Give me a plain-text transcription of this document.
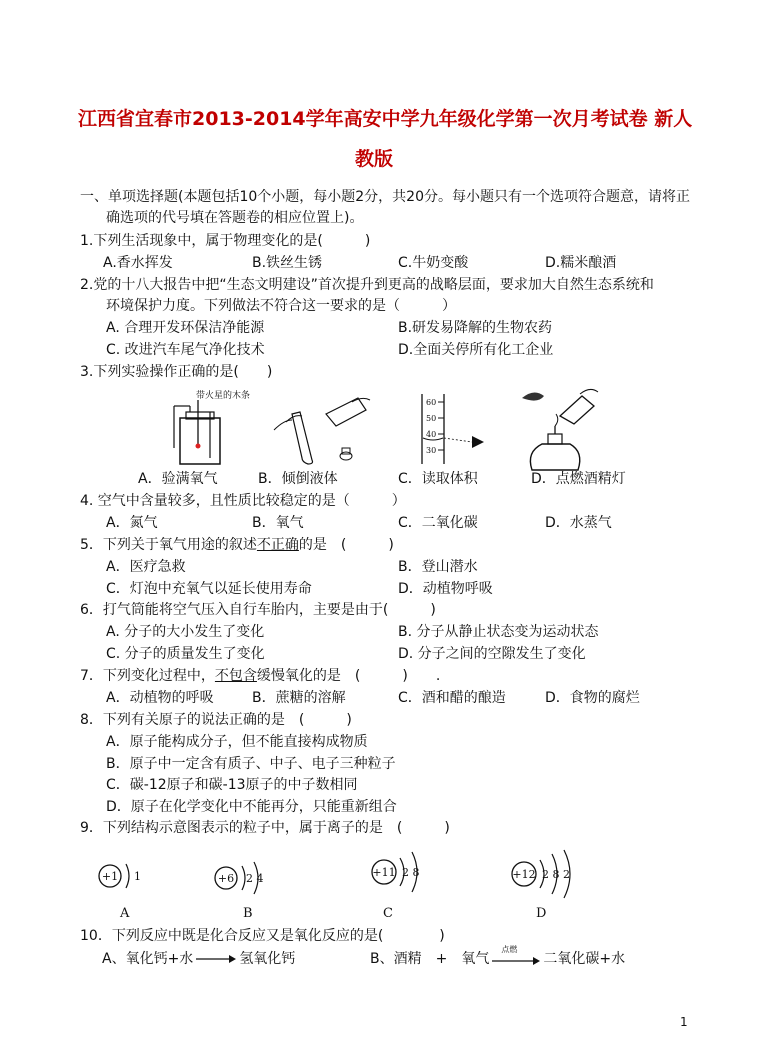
江西省宜春市2013-2014学年高安中学九年级化学第一次月考试卷 新人
教版
一、单项选择题(本题包括10个小题，每小题2分，共20分。每小题只有一个选项符合题意，请将正
确选项的代号填在答题卷的相应位置上)。
1.下列生活现象中，属于物理变化的是(　　　)
A.香水挥发	B.铁丝生锈	C.牛奶变酸	D.糯米酿酒
2.党的十八大报告中把“生态文明建设”首次提升到更高的战略层面，要求加大自然生态系统和
环境保护力度。下列做法不符合这一要求的是（　　　）
A. 合理开发环保洁净能源	B.研发易降解的生物农药
C. 改进汽车尾气净化技术	D.全面关停所有化工企业
3.下列实验操作正确的是(　　)
带火星的木条
60
50
40
30
A．验满氧气	B．倾倒液体	C．读取体积	D．点燃酒精灯
4. 空气中含量较多，且性质比较稳定的是（　　　）
A．氮气	B．氧气	C．二氧化碳	D．水蒸气
5．下列关于氧气用途的叙述不正确的是　(　　　)
A．医疗急救	B．登山潜水
C．灯泡中充氧气以延长使用寿命	D．动植物呼吸
6．打气筒能将空气压入自行车胎内，主要是由于(　　　)
A. 分子的大小发生了变化	B. 分子从静止状态变为运动状态
C. 分子的质量发生了变化	D. 分子之间的空隙发生了变化
7．下列变化过程中，不包含缓慢氧化的是　(　　　)　　.
A．动植物的呼吸	B．蔗糖的溶解	C．酒和醋的酿造	D．食物的腐烂
8．下列有关原子的说法正确的是　(　　　)
A．原子能构成分子，但不能直接构成物质
B．原子中一定含有质子、中子、电子三种粒子
C．碳-12原子和碳-13原子的中子数相同
D．原子在化学变化中不能再分，只能重新组合
9．下列结构示意图表示的粒子中，属于离子的是　(　　　)
+1 1
A
+6 2 4
B
+11 2 8
C
+12 2 8 2
D
10．下列反应中既是化合反应又是氧化反应的是(　　　　)
A、氧化钙+水 → 氢氧化钙	B、酒精　+　氧气
点燃
二氧化碳+水
1
